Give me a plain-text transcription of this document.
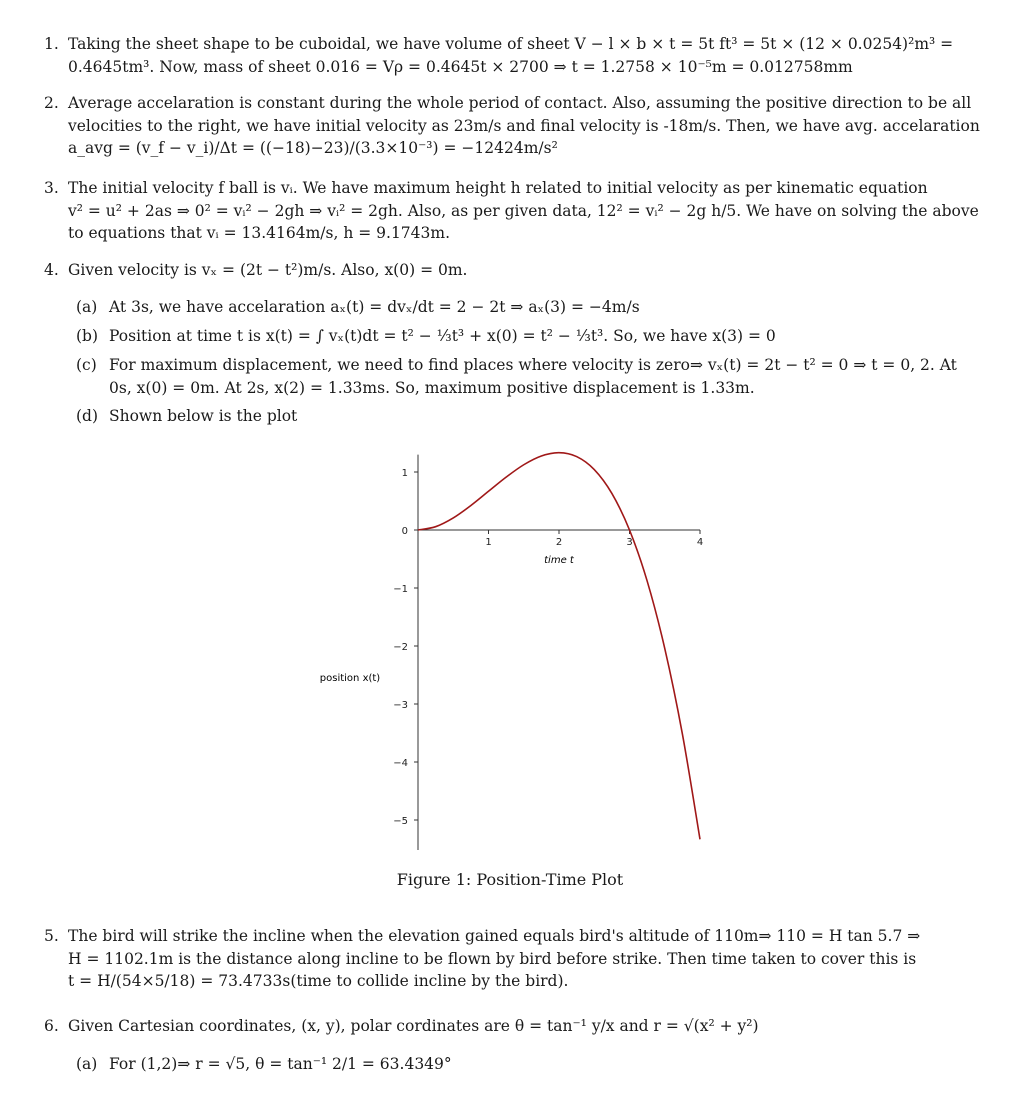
1. Taking the sheet shape to be cuboidal, we have volume of sheet V − l × b × t = 5t ft³ = 5t × (12 × 0.0254)²m³ =

0.4645tm³. Now, mass of sheet 0.016 = Vρ = 0.4645t × 2700 ⇒ t = 1.2758 × 10⁻⁵m = 0.012758mm

2. Average accelaration is constant during the whole period of contact. Also, assuming the positive direction to be all

velocities to the right, we have initial velocity as 23m/s and final velocity is -18m/s. Then, we have avg. accelaration

a_avg = (v_f − v_i)/Δt = ((−18)−23)/(3.3×10⁻³) = −12424m/s²

3. The initial velocity f ball is vᵢ. We have maximum height h related to initial velocity as per kinematic equation

v² = u² + 2as ⇒ 0² = vᵢ² − 2gh ⇒ vᵢ² = 2gh. Also, as per given data, 12² = vᵢ² − 2g h/5. We have on solving the above

to equations that vᵢ = 13.4164m/s, h = 9.1743m.

4. Given velocity is vₓ = (2t − t²)m/s. Also, x(0) = 0m.

(a) At 3s, we have accelaration aₓ(t) = dvₓ/dt = 2 − 2t ⇒ aₓ(3) = −4m/s

(b) Position at time t is x(t) = ∫ vₓ(t)dt = t² − ⅓t³ + x(0) = t² − ⅓t³. So, we have x(3) = 0

(c) For maximum displacement, we need to find places where velocity is zero⇒ vₓ(t) = 2t − t² = 0 ⇒ t = 0, 2. At

0s, x(0) = 0m. At 2s, x(2) = 1.33ms. So, maximum positive displacement is 1.33m.

(d) Shown below is the plot

1	2	3	4
1
0
−1
−2
−3
−4
−5
time t
position x(t)
Figure 1: Position-Time Plot
5. The bird will strike the incline when the elevation gained equals bird's altitude of 110m⇒ 110 = H tan 5.7 ⇒

H = 1102.1m is the distance along incline to be flown by bird before strike. Then time taken to cover this is

t = H/(54×5/18) = 73.4733s(time to collide incline by the bird).

6. Given Cartesian coordinates, (x, y), polar cordinates are θ = tan⁻¹ y/x and r = √(x² + y²)

(a) For (1,2)⇒ r = √5, θ = tan⁻¹ 2/1 = 63.4349°
